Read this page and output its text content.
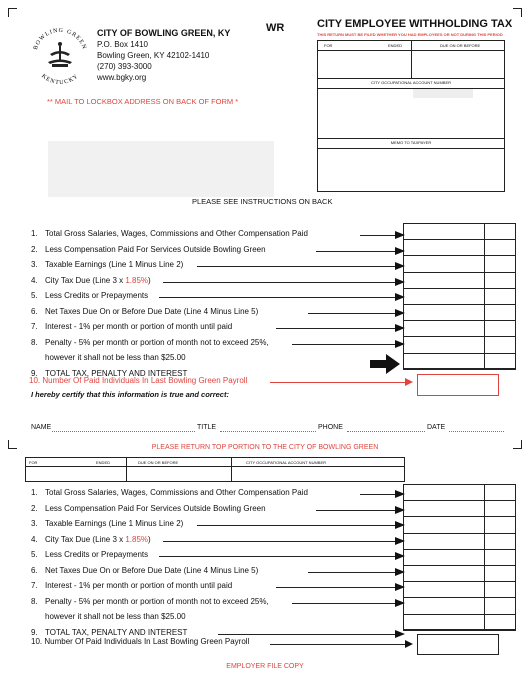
BOWLING GREEN
KENTUCKY
CITY OF BOWLING GREEN, KY
P.O. Box 1410
Bowling Green, KY 42102-1410
(270) 393-3000
www.bgky.org
WR	CITY EMPLOYEE WITHHOLDING TAX
THIS RETURN MUST BE FILED WHETHER YOU HAD EMPLOYEES OR NOT DURING THIS PERIOD
FOR	ENDED	DUE ON OR BEFORE
CITY OCCUPATIONAL ACCOUNT NUMBER
MEMO TO TAXPAYER
** MAIL TO LOCKBOX ADDRESS ON BACK OF FORM *
PLEASE SEE INSTRUCTIONS ON BACK
1. Total Gross Salaries, Wages, Commissions and Other Compensation Paid
2. Less Compensation Paid For Services Outside Bowling Green
3. Taxable Earnings (Line 1 Minus Line 2)
4. City Tax Due (Line 3 x 1.85%)
5. Less Credits or Prepayments
6. Net Taxes Due On or Before Due Date (Line 4 Minus Line 5)
7. Interest - 1% per month or portion of month until paid
8. Penalty - 5% per month or portion of month not to exceed 25%,
however it shall not be less than $25.00
9. TOTAL TAX, PENALTY AND INTEREST
10. Number Of Paid Individuals In Last Bowling Green Payroll
I hereby certify that this information is true and correct:
NAME	TITLE	PHONE	DATE
PLEASE RETURN TOP PORTION TO THE CITY OF BOWLING GREEN
FOR	ENDED	DUE ON OR BEFORE	CITY OCCUPATIONAL ACCOUNT NUMBER
1. Total Gross Salaries, Wages, Commissions and Other Compensation Paid
2. Less Compensation Paid For Services Outside Bowling Green
3. Taxable Earnings (Line 1 Minus Line 2)
4. City Tax Due (Line 3 x 1.85%)
5. Less Credits or Prepayments
6. Net Taxes Due On or Before Due Date (Line 4 Minus Line 5)
7. Interest - 1% per month or portion of month until paid
8. Penalty - 5% per month or portion of month not to exceed 25%,
however it shall not be less than $25.00
9. TOTAL TAX, PENALTY AND INTEREST
10. Number Of Paid Individuals In Last Bowling Green Payroll
EMPLOYER FILE COPY
